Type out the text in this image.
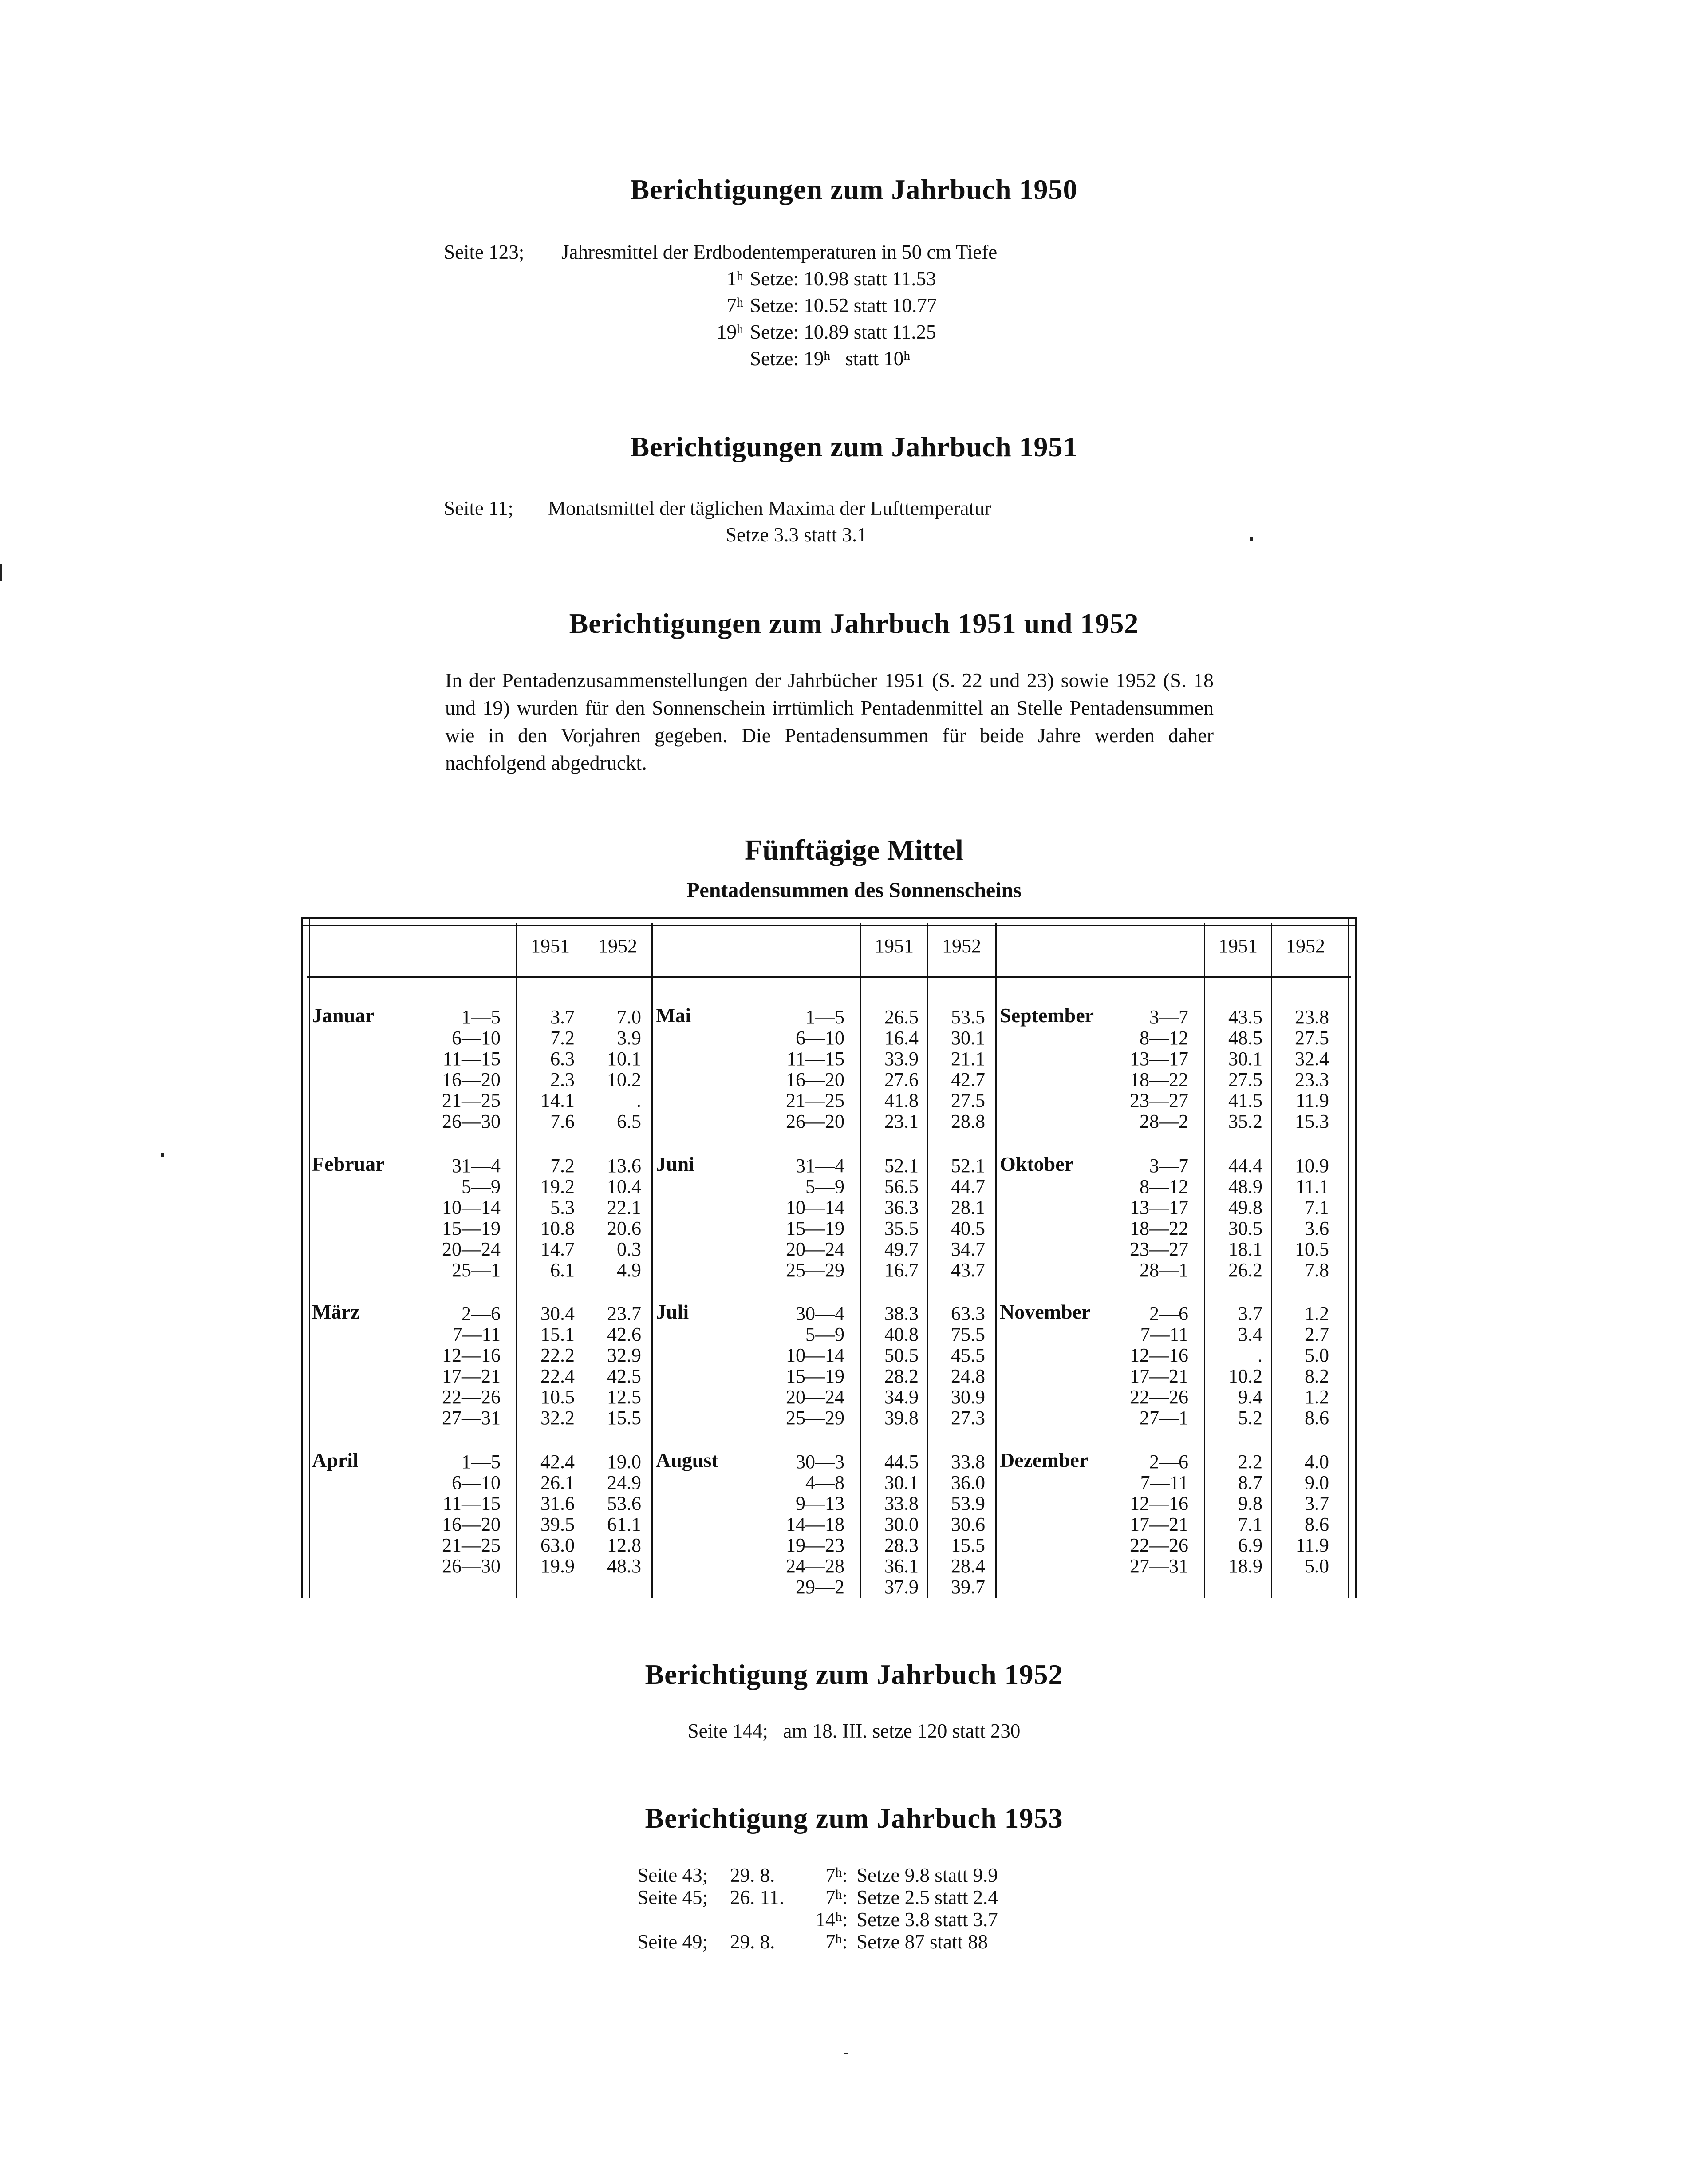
Berichtigungen zum Jahrbuch 1950
Seite 123; Jahresmittel der Erdbodentemperaturen in 50 cm Tiefe
1$^h$ Setze: 10.98 statt 11.53
7$^h$ Setze: 10.52 statt 10.77
19$^h$ Setze: 10.89 statt 11.25
Setze: 19$^h$ statt 10$^h$
Berichtigungen zum Jahrbuch 1951
Seite 11; Monatsmittel der täglichen Maxima der Lufttemperatur
Setze 3.3 statt 3.1
Berichtigungen zum Jahrbuch 1951 und 1952
In der Pentadenzusammenstellungen der Jahrbücher 1951 (S. 22 und 23) sowie 1952 (S. 18 und 19) wurden für den Sonnenschein irrtümlich Pentadenmittel an Stelle Pentadensummen wie in den Vorjahren gegeben. Die Pentadensummen für beide Jahre werden daher nachfolgend abgedruckt.
Fünftägige Mittel
Pentadensummen des Sonnenscheins
1951	1952	1951	1952	1951	1952
Januar	1—5	3.7	7.0
6—10	7.2	3.9
11—15	6.3	10.1
16—20	2.3	10.2
21—25	14.1	.
26—30	7.6	6.5
Februar	31—4	7.2	13.6
5—9	19.2	10.4
10—14	5.3	22.1
15—19	10.8	20.6
20—24	14.7	0.3
25—1	6.1	4.9
März	2—6	30.4	23.7
7—11	15.1	42.6
12—16	22.2	32.9
17—21	22.4	42.5
22—26	10.5	12.5
27—31	32.2	15.5
April	1—5	42.4	19.0
6—10	26.1	24.9
11—15	31.6	53.6
16—20	39.5	61.1
21—25	63.0	12.8
26—30	19.9	48.3
Mai	1—5	26.5	53.5
6—10	16.4	30.1
11—15	33.9	21.1
16—20	27.6	42.7
21—25	41.8	27.5
26—20	23.1	28.8
Juni	31—4	52.1	52.1
5—9	56.5	44.7
10—14	36.3	28.1
15—19	35.5	40.5
20—24	49.7	34.7
25—29	16.7	43.7
Juli	30—4	38.3	63.3
5—9	40.8	75.5
10—14	50.5	45.5
15—19	28.2	24.8
20—24	34.9	30.9
25—29	39.8	27.3
August	30—3	44.5	33.8
4—8	30.1	36.0
9—13	33.8	53.9
14—18	30.0	30.6
19—23	28.3	15.5
24—28	36.1	28.4
29—2	37.9	39.7
September	3—7	43.5	23.8
8—12	48.5	27.5
13—17	30.1	32.4
18—22	27.5	23.3
23—27	41.5	11.9
28—2	35.2	15.3
Oktober	3—7	44.4	10.9
8—12	48.9	11.1
13—17	49.8	7.1
18—22	30.5	3.6
23—27	18.1	10.5
28—1	26.2	7.8
November	2—6	3.7	1.2
7—11	3.4	2.7
12—16	.	5.0
17—21	10.2	8.2
22—26	9.4	1.2
27—1	5.2	8.6
Dezember	2—6	2.2	4.0
7—11	8.7	9.0
12—16	9.8	3.7
17—21	7.1	8.6
22—26	6.9	11.9
27—31	18.9	5.0
Berichtigung zum Jahrbuch 1952
Seite 144;   am 18. III. setze 120 statt 230
Berichtigung zum Jahrbuch 1953
Seite 43; 29. 8.	7$^h$: Setze 9.8 statt 9.9
Seite 45; 26. 11.	7$^h$: Setze 2.5 statt 2.4
14$^h$: Setze 3.8 statt 3.7
Seite 49; 29. 8.	7$^h$: Setze 87 statt 88
